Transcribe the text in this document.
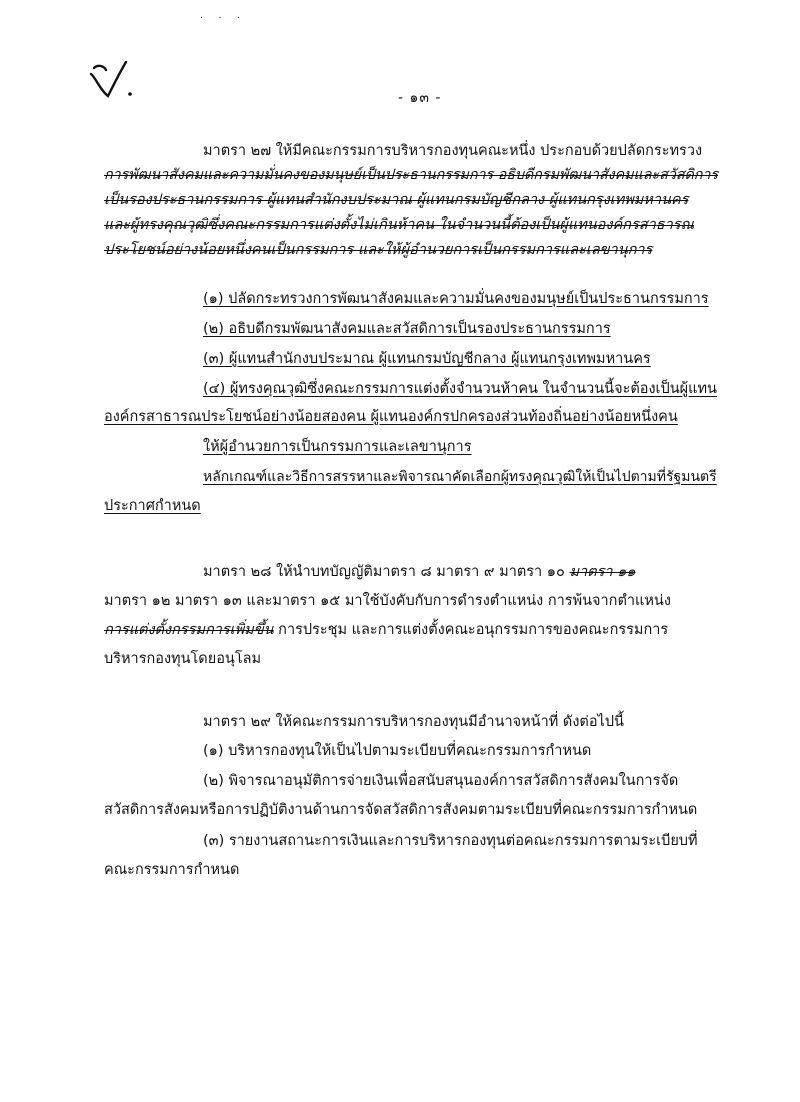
. . .
- ๑๓ -
มาตรา ๒๗ ให้มีคณะกรรมการบริหารกองทุนคณะหนึ่ง ประกอบด้วยปลัดกระทรวง
การพัฒนาสังคมและความมั่นคงของมนุษย์เป็นประธานกรรมการ อธิบดีกรมพัฒนาสังคมและสวัสดิการ
เป็นรองประธานกรรมการ ผู้แทนสำนักงบประมาณ ผู้แทนกรมบัญชีกลาง ผู้แทนกรุงเทพมหานคร
และผู้ทรงคุณวุฒิซึ่งคณะกรรมการแต่งตั้งไม่เกินห้าคน ในจำนวนนี้ต้องเป็นผู้แทนองค์กรสาธารณ
ประโยชน์อย่างน้อยหนึ่งคนเป็นกรรมการ และให้ผู้อำนวยการเป็นกรรมการและเลขานุการ
(๑) ปลัดกระทรวงการพัฒนาสังคมและความมั่นคงของมนุษย์เป็นประธานกรรมการ
(๒) อธิบดีกรมพัฒนาสังคมและสวัสดิการเป็นรองประธานกรรมการ
(๓) ผู้แทนสำนักงบประมาณ ผู้แทนกรมบัญชีกลาง ผู้แทนกรุงเทพมหานคร
(๔) ผู้ทรงคุณวุฒิซึ่งคณะกรรมการแต่งตั้งจำนวนห้าคน ในจำนวนนี้จะต้องเป็นผู้แทน
องค์กรสาธารณประโยชน์อย่างน้อยสองคน ผู้แทนองค์กรปกครองส่วนท้องถิ่นอย่างน้อยหนึ่งคน
ให้ผู้อำนวยการเป็นกรรมการและเลขานุการ
หลักเกณฑ์และวิธีการสรรหาและพิจารณาคัดเลือกผู้ทรงคุณวุฒิให้เป็นไปตามที่รัฐมนตรี
ประกาศกำหนด
มาตรา ๒๘ ให้นำบทบัญญัติมาตรา ๘ มาตรา ๙ มาตรา ๑๐ มาตรา ๑๑
มาตรา ๑๒ มาตรา ๑๓ และมาตรา ๑๕ มาใช้บังคับกับการดำรงตำแหน่ง การพ้นจากตำแหน่ง
การแต่งตั้งกรรมการเพิ่มขึ้น การประชุม และการแต่งตั้งคณะอนุกรรมการของคณะกรรมการ
บริหารกองทุนโดยอนุโลม
มาตรา ๒๙ ให้คณะกรรมการบริหารกองทุนมีอำนาจหน้าที่ ดังต่อไปนี้
(๑) บริหารกองทุนให้เป็นไปตามระเบียบที่คณะกรรมการกำหนด
(๒) พิจารณาอนุมัติการจ่ายเงินเพื่อสนับสนุนองค์การสวัสดิการสังคมในการจัด
สวัสดิการสังคมหรือการปฏิบัติงานด้านการจัดสวัสดิการสังคมตามระเบียบที่คณะกรรมการกำหนด
(๓) รายงานสถานะการเงินและการบริหารกองทุนต่อคณะกรรมการตามระเบียบที่
คณะกรรมการกำหนด
